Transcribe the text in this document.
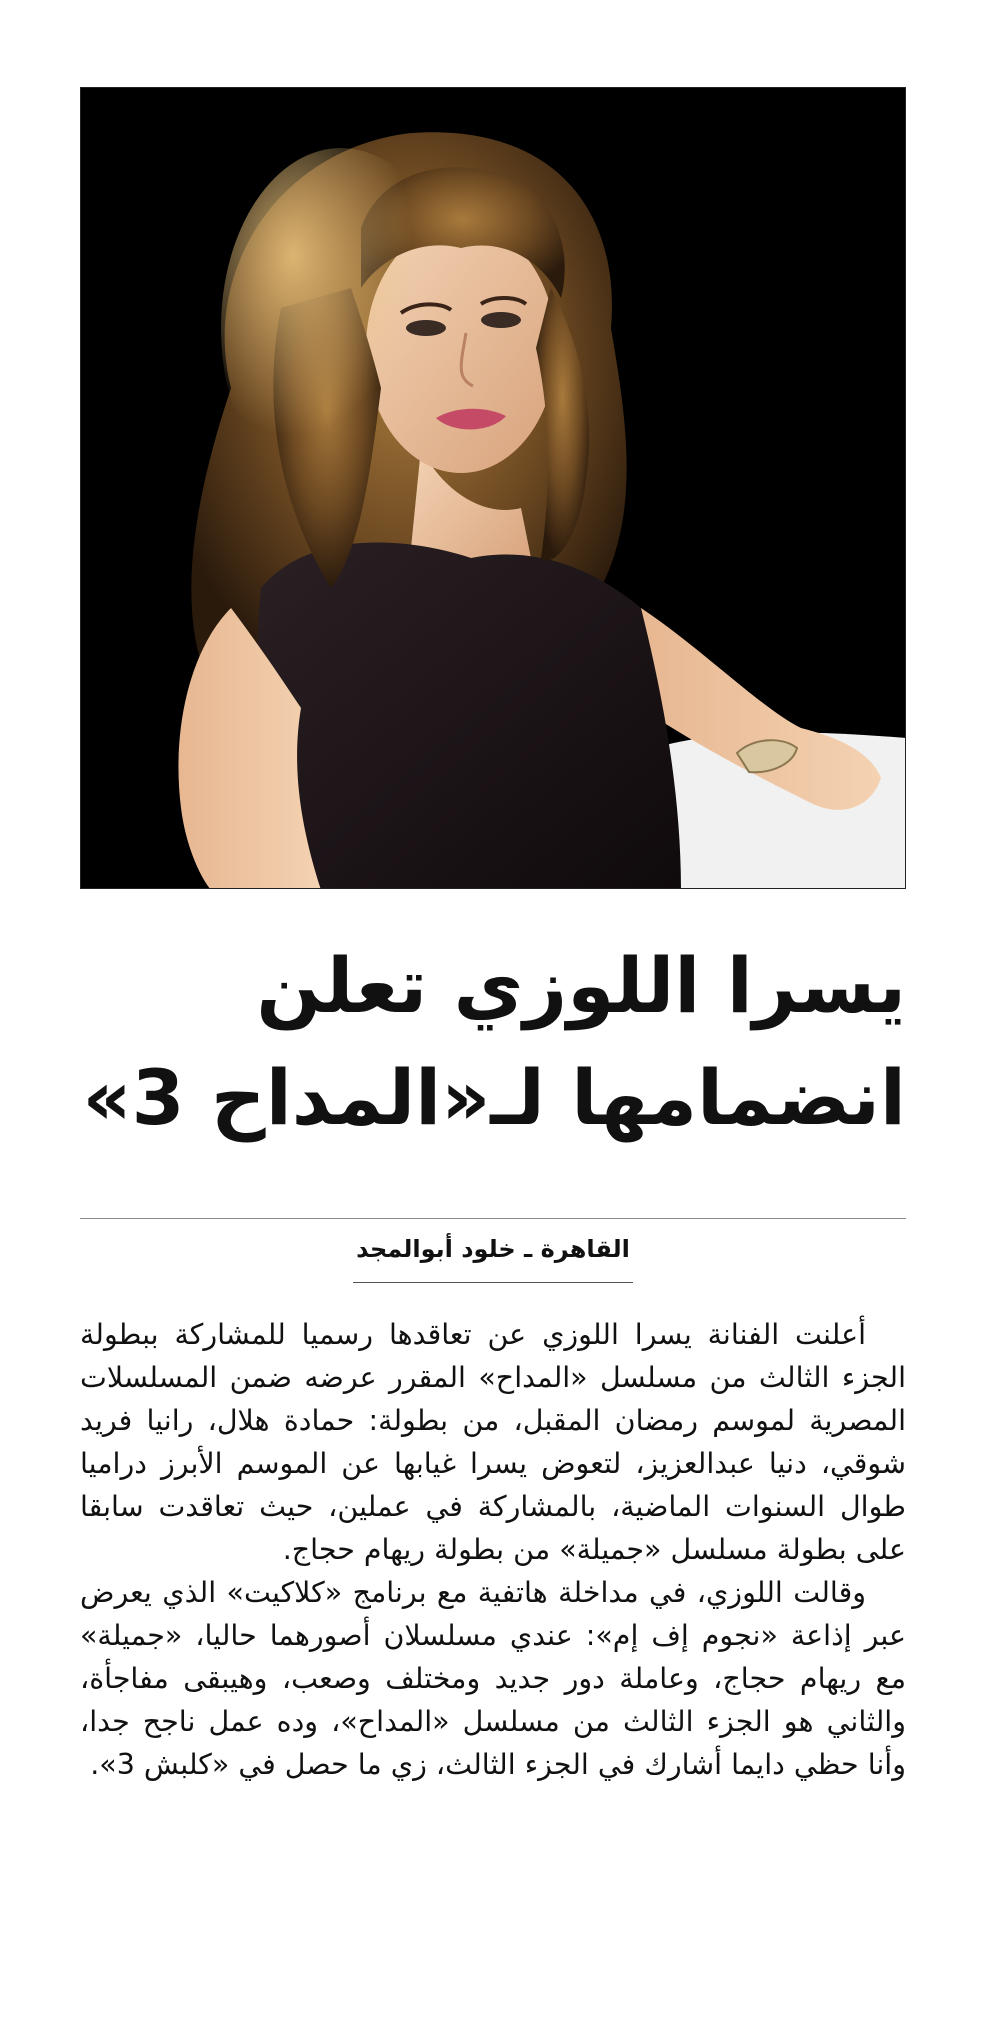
يسرا اللوزي تعلن
انضمامها لـ«المداح 3»
القاهرة ـ خلود أبوالمجد

أعلنت الفنانة يسرا اللوزي عن تعاقدها رسميا للمشاركة ببطولة الجزء الثالث من مسلسل «المداح» المقرر عرضه ضمن المسلسلات المصرية لموسم رمضان المقبل، من بطولة: حمادة هلال، رانيا فريد شوقي، دنيا عبدالعزيز، لتعوض يسرا غيابها عن الموسم الأبرز دراميا طوال السنوات الماضية، بالمشاركة في عملين، حيث تعاقدت سابقا على بطولة مسلسل «جميلة» من بطولة ريهام حجاج.

وقالت اللوزي، في مداخلة هاتفية مع برنامج «كلاكيت» الذي يعرض عبر إذاعة «نجوم إف إم»: عندي مسلسلان أصورهما حاليا، «جميلة» مع ريهام حجاج، وعاملة دور جديد ومختلف وصعب، وهيبقى مفاجأة، والثاني هو الجزء الثالث من مسلسل «المداح»، وده عمل ناجح جدا، وأنا حظي دايما أشارك في الجزء الثالث، زي ما حصل في «كلبش 3».
